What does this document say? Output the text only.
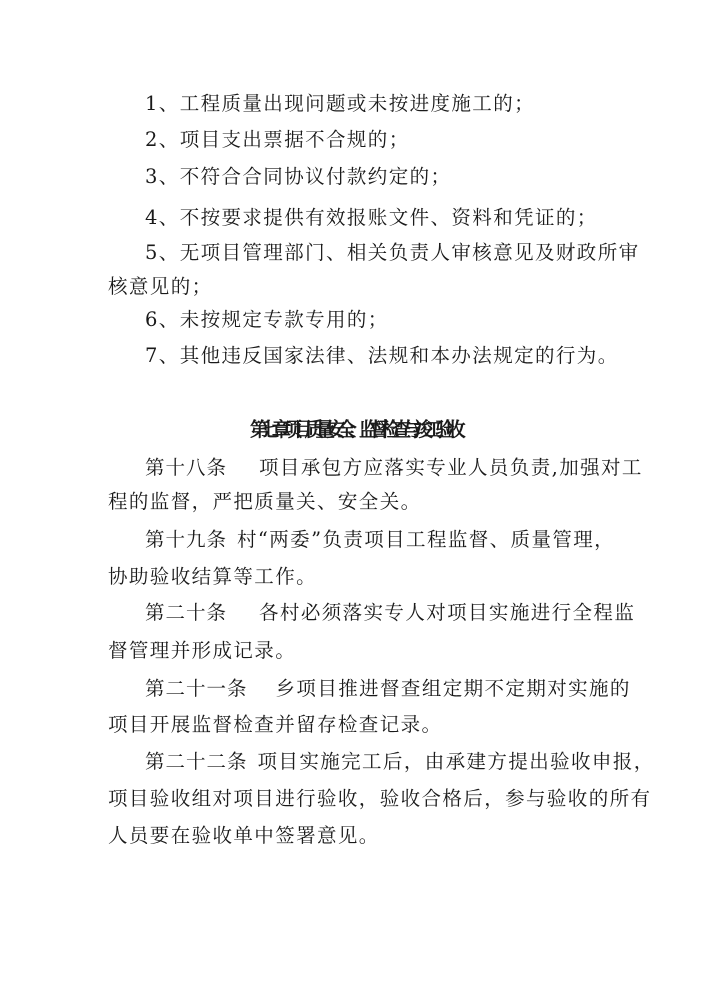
1、工程质量出现问题或未按进度施工的；

2、项目支出票据不合规的；

3、不符合合同协议付款约定的；

4、不按要求提供有效报账文件、资料和凭证的；

5、无项目管理部门、相关负责人审核意见及财政所审

核意见的；

6、未按规定专款专用的；

7、其他违反国家法律、法规和本办法规定的行为。

第七章    项目质量安全、监督检查与竣工验收

第十八条 项目承包方应落实专业人员负责,加强对工

程的监督，严把质量关、安全关。

第十九条 村“两委”负责项目工程监督、质量管理，

协助验收结算等工作。

第二十条 各村必须落实专人对项目实施进行全程监

督管理并形成记录。

第二十一条 乡项目推进督查组定期不定期对实施的

项目开展监督检查并留存检查记录。

第二十二条 项目实施完工后，由承建方提出验收申报，

项目验收组对项目进行验收，验收合格后，参与验收的所有

人员要在验收单中签署意见。
